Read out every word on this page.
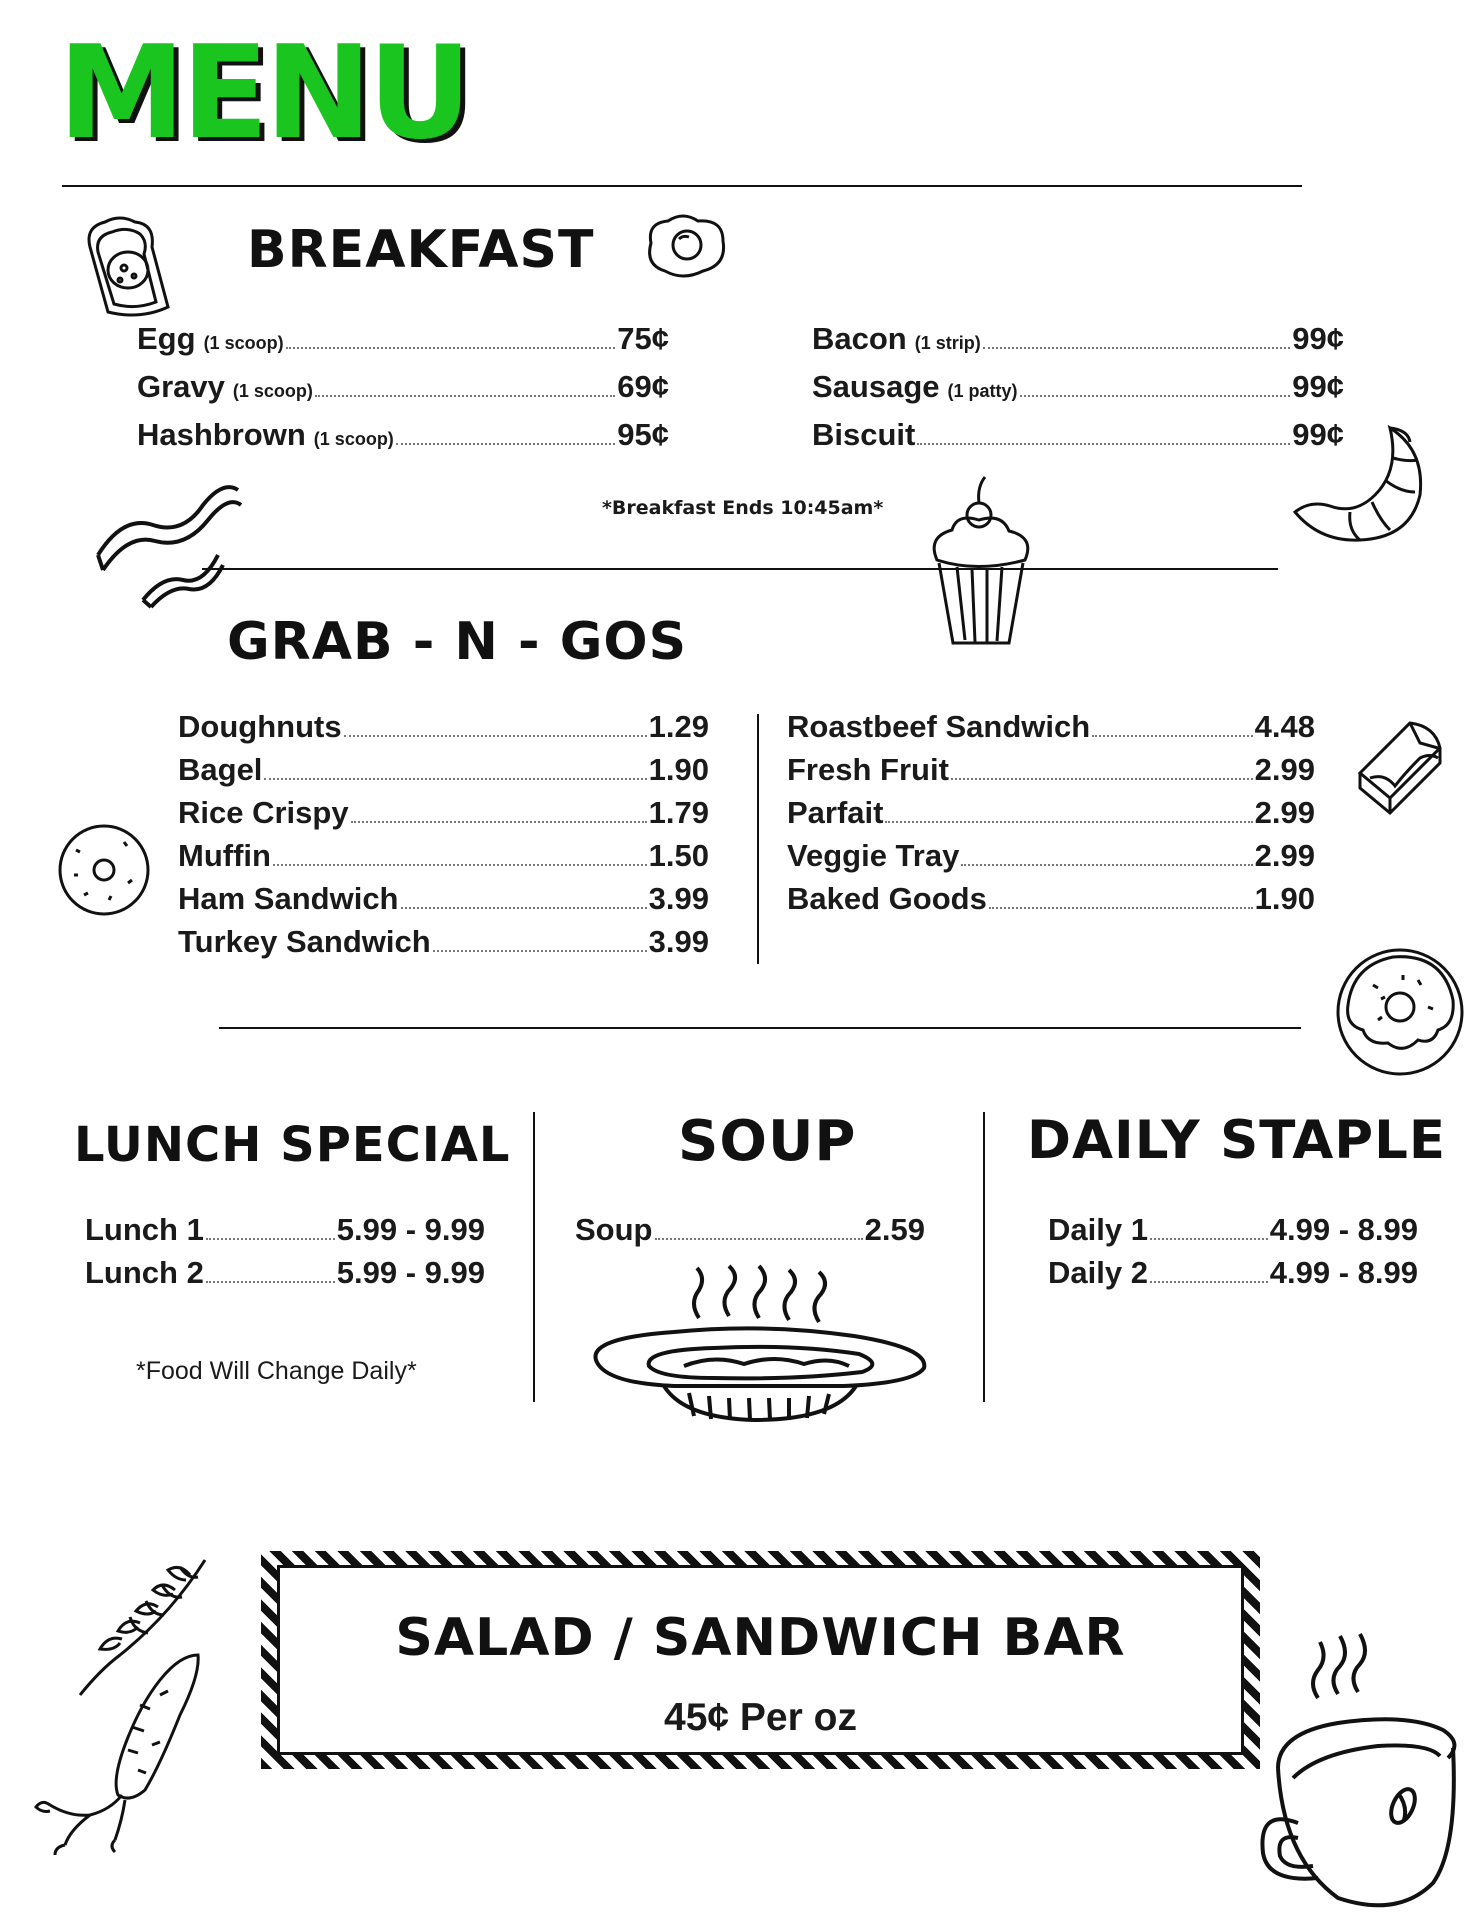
MENU
BREAKFAST
Egg (1 scoop)	75¢
Gravy (1 scoop)	69¢
Hashbrown (1 scoop)	95¢
Bacon (1 strip)	99¢
Sausage (1 patty)	99¢
Biscuit	99¢
*Breakfast Ends 10:45am*
GRAB - N - GOS
Doughnuts	1.29
Bagel	1.90
Rice Crispy	1.79
Muffin	1.50
Ham Sandwich	3.99
Turkey Sandwich	3.99
Roastbeef Sandwich	4.48
Fresh Fruit	2.99
Parfait	2.99
Veggie Tray	2.99
Baked Goods	1.90
LUNCH SPECIAL
Lunch 1	5.99 - 9.99
Lunch 2	5.99 - 9.99
*Food Will Change Daily*
SOUP
Soup	2.59
DAILY STAPLE
Daily 1	4.99 - 8.99
Daily 2	4.99 - 8.99
SALAD / SANDWICH BAR
45¢ Per oz
